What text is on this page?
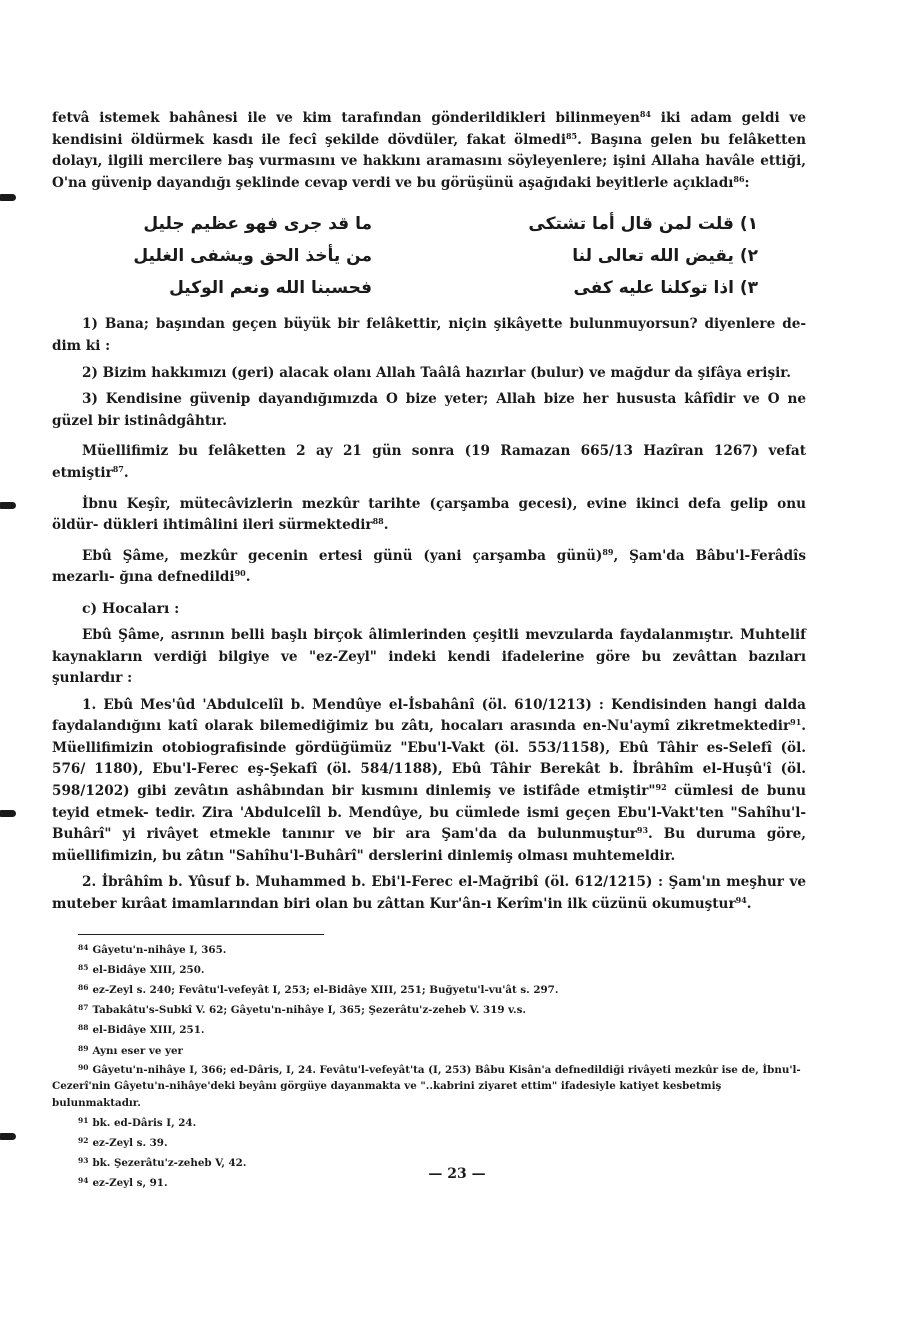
fetvâ istemek bahânesi ile ve kim tarafından gönderildikleri bilinmeyen$^{84}$ iki adam geldi ve kendisini öldürmek kasdı ile fecî şekilde dövdüler, fakat ölmedi$^{85}$. Başına gelen bu felâketten dolayı, ilgili mercilere baş vurmasını ve hakkını aramasını söyleyenlere; işini Allaha havâle ettiği, O'na güvenip dayandığı şeklinde cevap verdi ve bu görüşünü aşağıdaki beyitlerle açıkladı$^{86}$:

١) قلت لمن قال أما تشتكى
٢) يقيض الله تعالى لنا
٣) اذا توكلنا عليه كفى
ما قد جرى فهو عظيم جليل
من يأخذ الحق ويشفى الغليل
فحسبنا الله ونعم الوكيل

1) Bana; başından geçen büyük bir felâkettir, niçin şikâyette bulunmuyorsun? diyenlere de- dim ki :

2) Bizim hakkımızı (geri) alacak olanı Allah Taâlâ hazırlar (bulur) ve mağdur da şifâya erişir.

3) Kendisine güvenip dayandığımızda O bize yeter; Allah bize her hususta kâfîdir ve O ne güzel bir istinâdgâhtır.

Müellifimiz bu felâketten 2 ay 21 gün sonra (19 Ramazan 665/13 Hazîran 1267) vefat etmiştir$^{87}$.

İbnu Keşîr, mütecâvizlerin mezkûr tarihte (çarşamba gecesi), evine ikinci defa gelip onu öldür- dükleri ihtimâlini ileri sürmektedir$^{88}$.

Ebû Şâme, mezkûr gecenin ertesi günü (yani çarşamba günü)$^{89}$, Şam'da Bâbu'l-Ferâdîs mezarlı- ğına defnedildi$^{90}$.

c) Hocaları :

Ebû Şâme, asrının belli başlı birçok âlimlerinden çeşitli mevzularda faydalanmıştır. Muhtelif kaynakların verdiği bilgiye ve "ez-Zeyl" indeki kendi ifadelerine göre bu zevâttan bazıları şunlardır :

1. Ebû Mes'ûd 'Abdulcelîl b. Mendûye el-İsbahânî (öl. 610/1213) : Kendisinden hangi dalda faydalandığını katî olarak bilemediğimiz bu zâtı, hocaları arasında en-Nu'aymî zikretmektedir$^{91}$. Müellifimizin otobiografisinde gördüğümüz "Ebu'l-Vakt (öl. 553/1158), Ebû Tâhir es-Selefî (öl. 576/ 1180), Ebu'l-Ferec eş-Şekafî (öl. 584/1188), Ebû Tâhir Berekât b. İbrâhîm el-Huşû'î (öl. 598/1202) gibi zevâtın ashâbından bir kısmını dinlemiş ve istifâde etmiştir"$^{92}$ cümlesi de bunu teyid etmek- tedir. Zira 'Abdulcelîl b. Mendûye, bu cümlede ismi geçen Ebu'l-Vakt'ten "Sahîhu'l-Buhârî" yi rivâyet etmekle tanınır ve bir ara Şam'da da bulunmuştur$^{93}$. Bu duruma göre, müellifimizin, bu zâtın "Sahîhu'l-Buhârî" derslerini dinlemiş olması muhtemeldir.

2. İbrâhîm b. Yûsuf b. Muhammed b. Ebi'l-Ferec el-Mağribî (öl. 612/1215) : Şam'ın meşhur ve muteber kırâat imamlarından biri olan bu zâttan Kur'ân-ı Kerîm'in ilk cüzünü okumuştur$^{94}$.

$^{84}$ Gâyetu'n-nihâye I, 365.

$^{85}$ el-Bidâye XIII, 250.

$^{86}$ ez-Zeyl s. 240; Fevâtu'l-vefeyât I, 253; el-Bidâye XIII, 251; Buğyetu'l-vu'ât s. 297.

$^{87}$ Tabakâtu's-Subkî V. 62; Gâyetu'n-nihâye I, 365; Şezerâtu'z-zeheb V. 319 v.s.

$^{88}$ el-Bidâye XIII, 251.

$^{89}$ Aynı eser ve yer

$^{90}$ Gâyetu'n-nihâye I, 366; ed-Dâris, I, 24. Fevâtu'l-vefeyât'ta (I, 253) Bâbu Kisân'a defnedildiği rivâyeti mezkûr ise de, İbnu'l-Cezerî'nin Gâyetu'n-nihâye'deki beyânı görgüye dayanmakta ve "..kabrini ziyaret ettim" ifadesiyle katiyet kesbetmiş bulunmaktadır.

$^{91}$ bk. ed-Dâris I, 24.

$^{92}$ ez-Zeyl s. 39.

$^{93}$ bk. Şezerâtu'z-zeheb V, 42.

$^{94}$ ez-Zeyl s, 91.

— 23 —
